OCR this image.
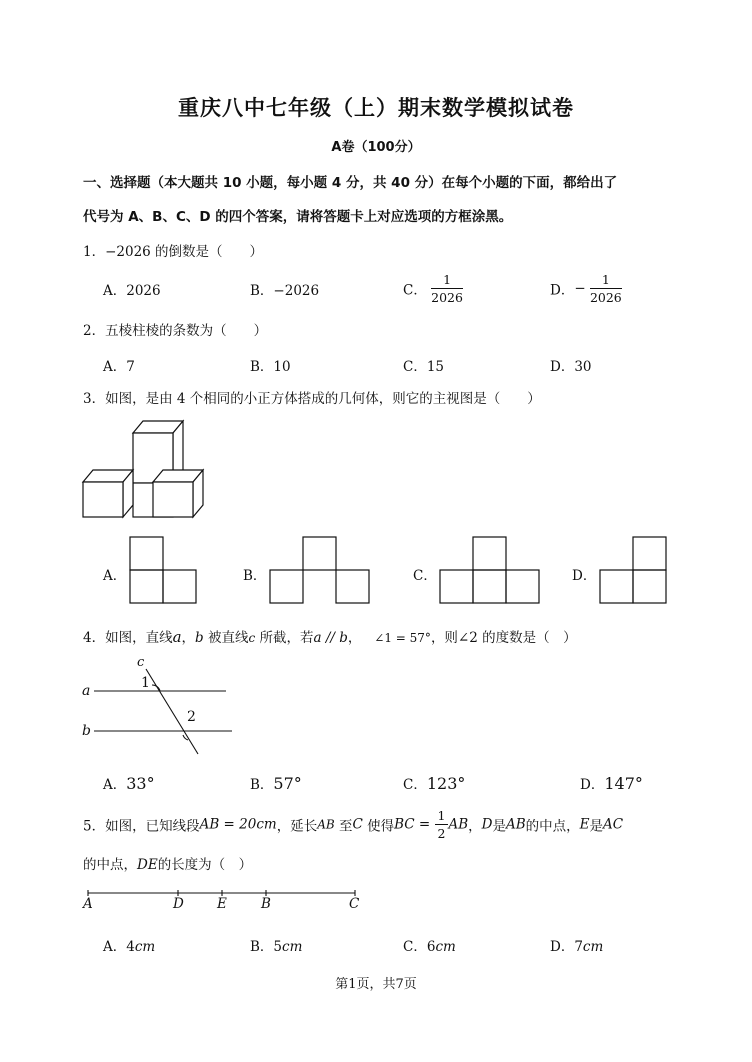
重庆八中七年级（上）期末数学模拟试卷
A卷（100分）
一、选择题（本大题共 10 小题，每小题 4 分，共 40 分）在每个小题的下面，都给出了
代号为 A、B、C、D 的四个答案，请将答题卡上对应选项的方框涂黑。
1．−2026 的倒数是（　　）
A．2026	B．−2026	C． $\frac{1}{2026}$	D．− $\frac{1}{2026}$
2．五棱柱棱的条数为（　　）
A．7	B．10	C．15	D．30
3．如图，是由 4 个相同的小正方体搭成的几何体，则它的主视图是（　　）
A．	B．	C．	D．
4．如图，直线a，b 被直线c 所截，若a // b， ∠1 = 57°，则∠2 的度数是（　）
c
a
b
1
2
A．33°	B．57°	C．123°	D．147°
5．如图，已知线段AB = 20cm，延长AB 至C 使得BC = $\frac{1}{2}$ AB，D是AB的中点，E是AC
的中点，DE的长度为（　）
A	D E	B	C
A．4cm	B．5cm	C．6cm	D．7cm
第1页，共7页
